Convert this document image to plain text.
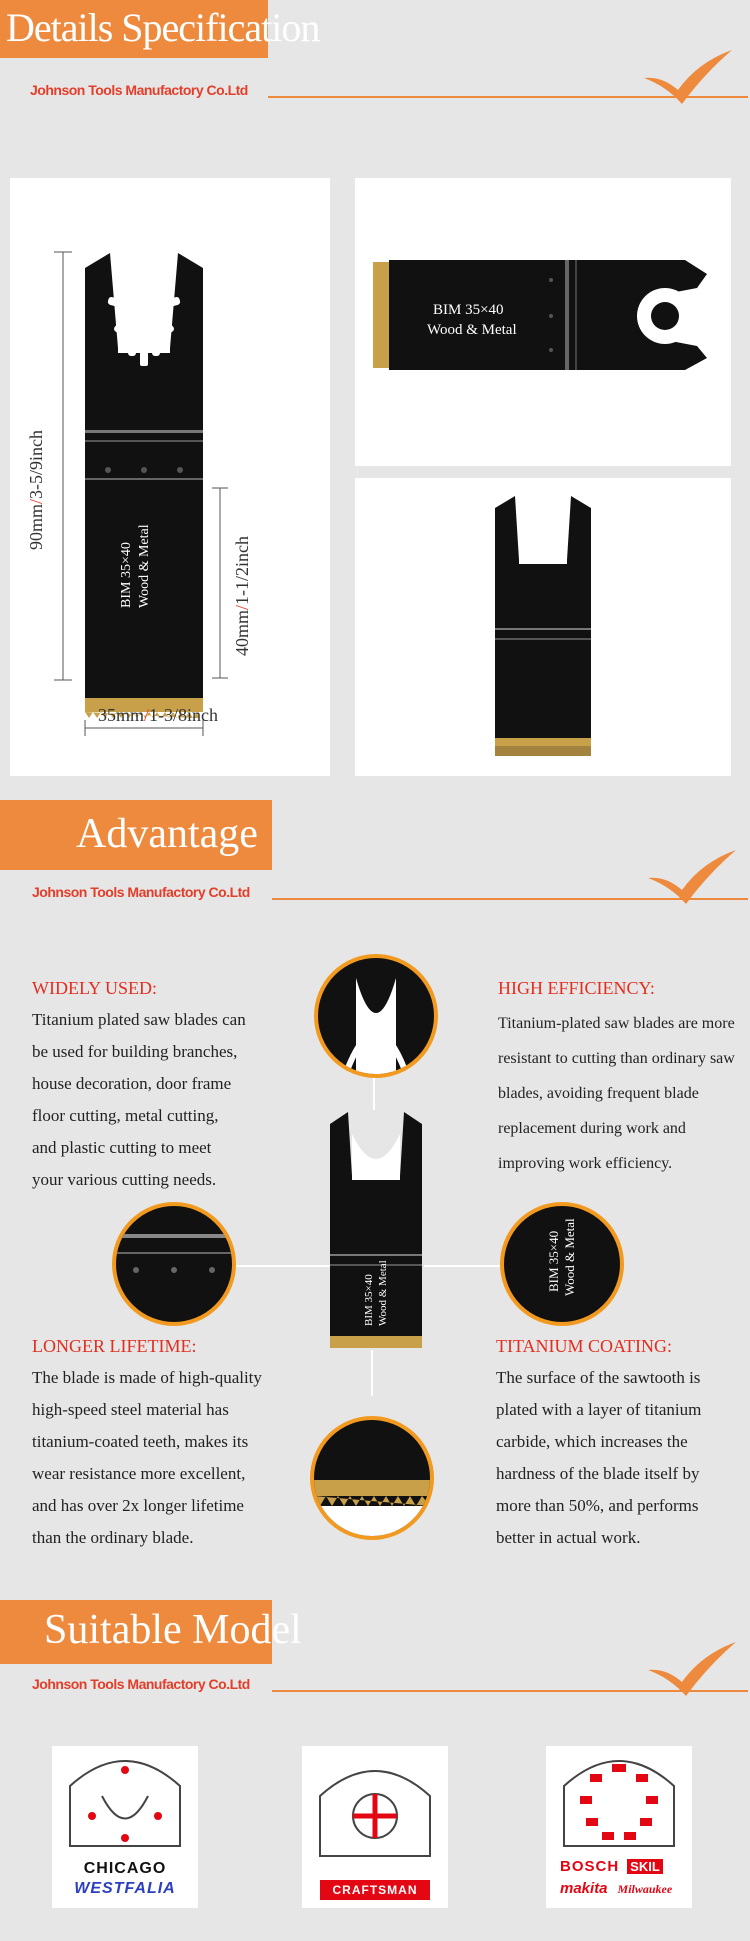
Details Specification
Johnson Tools Manufactory Co.Ltd
BIM 35×40 Wood & Metal
90mm/3-5/9inch
40mm/1-1/2inch
35mm/1-3/8inch
BIM 35×40
Wood & Metal
Advantage
Johnson Tools Manufactory Co.Ltd
WIDELY USED:
Titanium plated saw blades can
be used for building branches,
house decoration, door frame
floor cutting, metal cutting,
and plastic cutting to meet
your various cutting needs.
HIGH EFFICIENCY:
Titanium-plated saw blades are more
resistant to cutting than ordinary saw
blades, avoiding frequent blade
replacement during work and
improving work efficiency.
LONGER LIFETIME:
The blade is made of high-quality
high-speed steel material has
titanium-coated teeth, makes its
wear resistance more excellent,
and has over 2x longer lifetime
than the ordinary blade.
TITANIUM COATING:
The surface of the sawtooth is
plated with a layer of titanium
carbide, which increases the
hardness of the blade itself by
more than 50%, and performs
better in actual work.
BIM 35×40 Wood & Metal	BIM 35×40 Wood & Metal
Suitable Model
Johnson Tools Manufactory Co.Ltd
CHICAGO
WESTFALIA	CRAFTSMAN
BOSCH SKIL
makita Milwaukee
